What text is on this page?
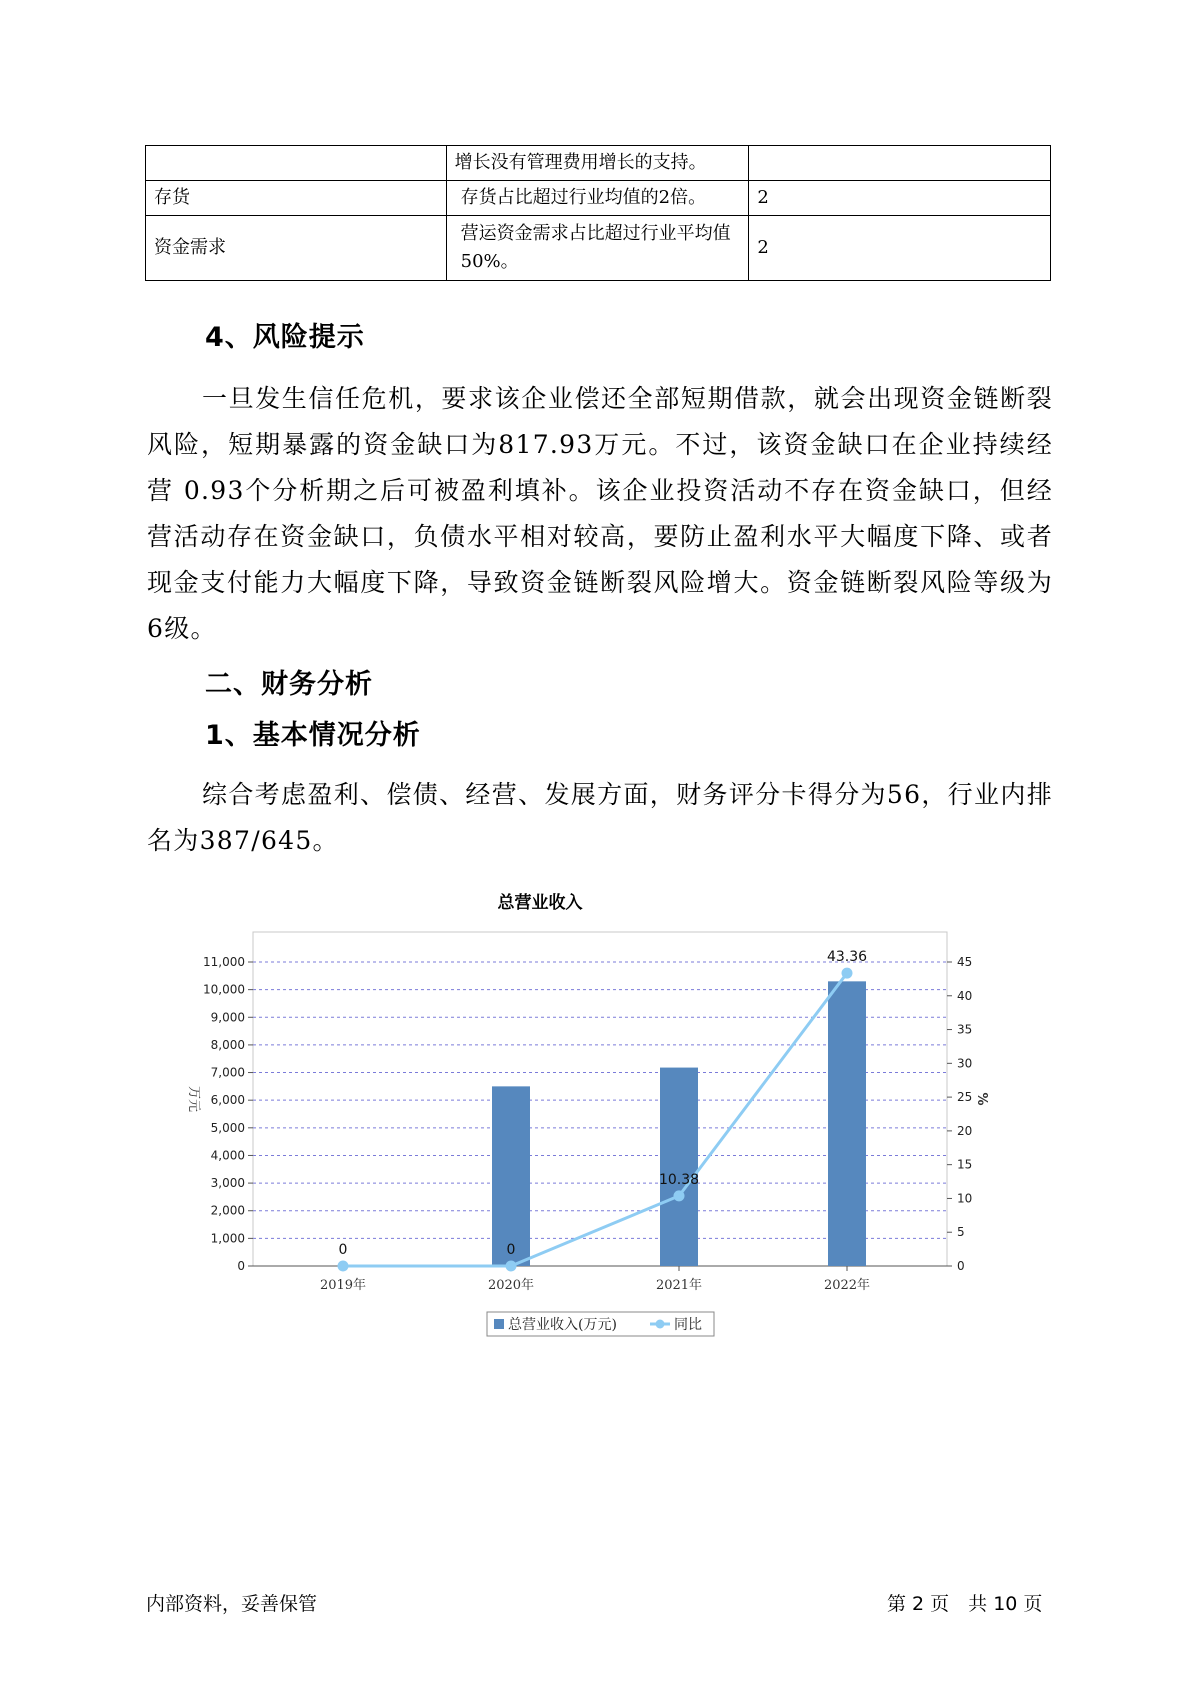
	增长没有管理费用增长的支持。	
存货	存货占比超过行业均值的2倍。	2
资金需求	营运资金需求占比超过行业平均值50%。	2
4、风险提示

一旦发生信任危机，要求该企业偿还全部短期借款，就会出现资金链断裂风险，短期暴露的资金缺口为817.93万元。不过，该资金缺口在企业持续经营 0.93个分析期之后可被盈利填补。该企业投资活动不存在资金缺口，但经营活动存在资金缺口，负债水平相对较高，要防止盈利水平大幅度下降、或者现金支付能力大幅度下降，导致资金链断裂风险增大。资金链断裂风险等级为6级。

二、财务分析
1、基本情况分析

综合考虑盈利、偿债、经营、发展方面，财务评分卡得分为56，行业内排名为387/645。

总营业收入
0
1,000
2,000
3,000
4,000
5,000
6,000
7,000
8,000
9,000
10,000
11,000
0
5
10
15
20
25
30
35
40
45
万元	%
2019年	2020年	2021年	2022年
0	0
10.38
43.36
总营业收入(万元)	同比
内部资料，妥善保管	第 2 页　共 10 页
